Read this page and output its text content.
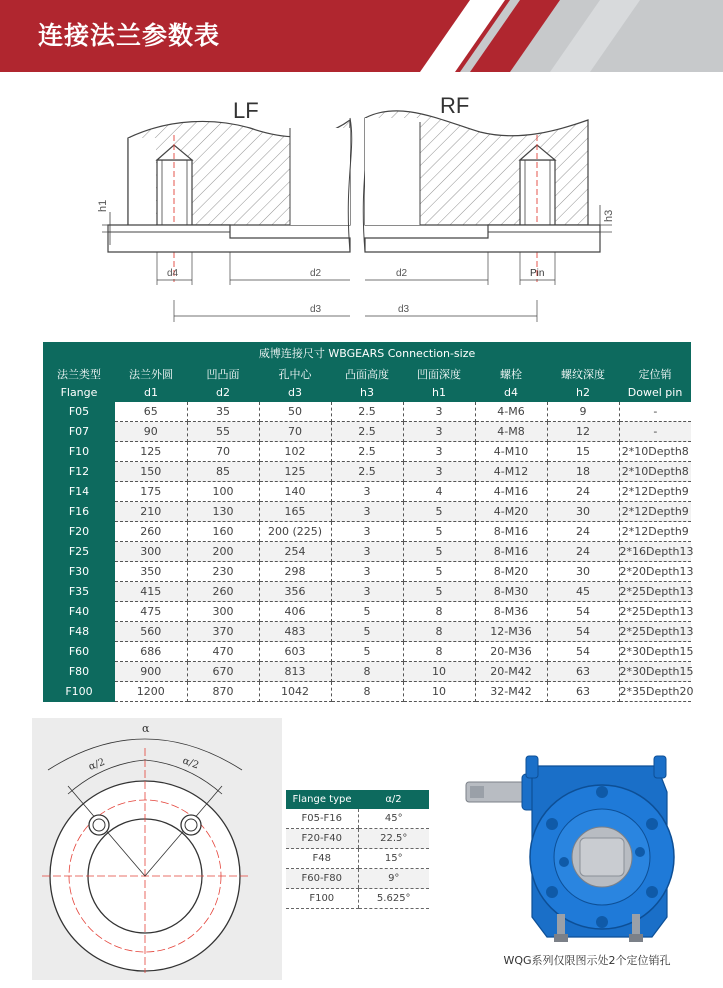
连接法兰参数表
LF	RF
h1
h3
d4	d2	d2	Pin
d3	d3
威博连接尺寸 WBGEARS Connection-size								
法兰类型	法兰外圆	凹凸面	孔中心	凸面高度	凹面深度	螺栓	螺纹深度	定位销
Flange	d1	d2	d3	h3	h1	d4	h2	Dowel pin
F05	65	35	50	2.5	3	4-M6	9	-
F07	90	55	70	2.5	3	4-M8	12	-
F10	125	70	102	2.5	3	4-M10	15	2*10Depth8
F12	150	85	125	2.5	3	4-M12	18	2*10Depth8
F14	175	100	140	3	4	4-M16	24	2*12Depth9
F16	210	130	165	3	5	4-M20	30	2*12Depth9
F20	260	160	200 (225)	3	5	8-M16	24	2*12Depth9
F25	300	200	254	3	5	8-M16	24	2*16Depth13
F30	350	230	298	3	5	8-M20	30	2*20Depth13
F35	415	260	356	3	5	8-M30	45	2*25Depth13
F40	475	300	406	5	8	8-M36	54	2*25Depth13
F48	560	370	483	5	8	12-M36	54	2*25Depth13
F60	686	470	603	5	8	20-M36	54	2*30Depth15
F80	900	670	813	8	10	20-M42	63	2*30Depth15
F100	1200	870	1042	8	10	32-M42	63	2*35Depth20
α
α/2	α/2
Flange type	α/2
F05-F16	45°
F20-F40	22.5°
F48	15°
F60-F80	9°
F100	5.625°
WQG系列仅限图示处2个定位销孔
